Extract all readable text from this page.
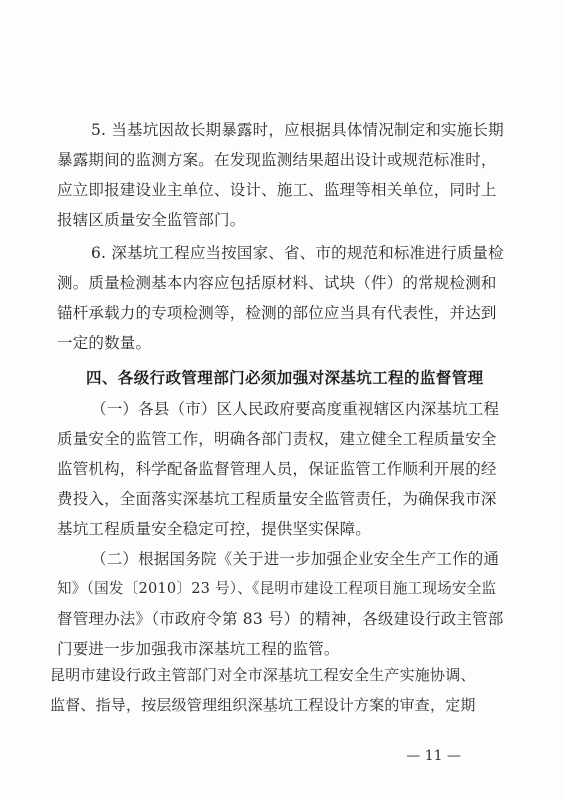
5. 当基坑因故长期暴露时，应根据具体情况制定和实施长期
暴露期间的监测方案。在发现监测结果超出设计或规范标准时，
应立即报建设业主单位、设计、施工、监理等相关单位，同时上
报辖区质量安全监管部门。
6. 深基坑工程应当按国家、省、市的规范和标准进行质量检
测。质量检测基本内容应包括原材料、试块（件）的常规检测和
锚杆承载力的专项检测等，检测的部位应当具有代表性，并达到
一定的数量。
四、各级行政管理部门必须加强对深基坑工程的监督管理
（一）各县（市）区人民政府要高度重视辖区内深基坑工程
质量安全的监管工作，明确各部门责权，建立健全工程质量安全
监管机构，科学配备监督管理人员，保证监管工作顺利开展的经
费投入，全面落实深基坑工程质量安全监管责任，为确保我市深
基坑工程质量安全稳定可控，提供坚实保障。
（二）根据国务院《关于进一步加强企业安全生产工作的通
知》（国发〔2010〕23 号）、《昆明市建设工程项目施工现场安全监
督管理办法》（市政府令第 83 号）的精神，各级建设行政主管部
门要进一步加强我市深基坑工程的监管。
昆明市建设行政主管部门对全市深基坑工程安全生产实施协调、
监督、指导，按层级管理组织深基坑工程设计方案的审查，定期
— 11 —
